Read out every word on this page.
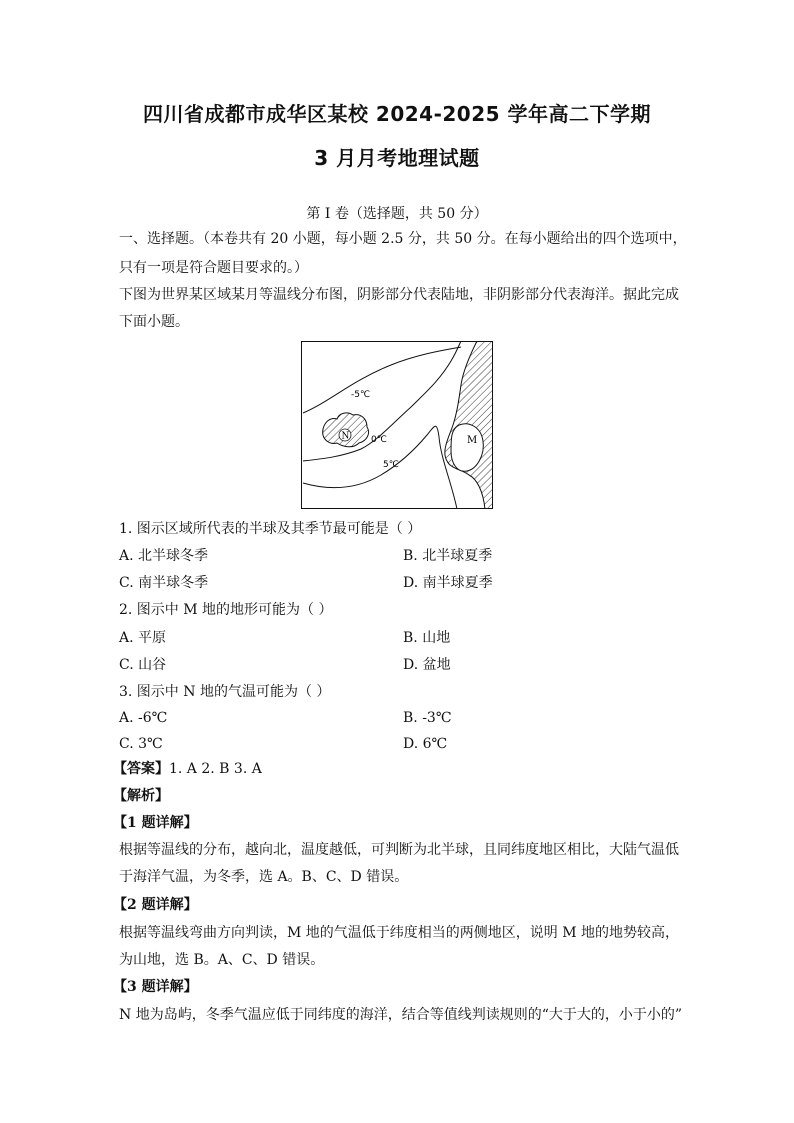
四川省成都市成华区某校 2024-2025 学年高二下学期
3 月月考地理试题
第 I 卷（选择题，共 50 分）
一、选择题。（本卷共有 20 小题，每小题 2.5 分，共 50 分。在每小题给出的四个选项中，
只有一项是符合题目要求的。）
下图为世界某区域某月等温线分布图，阴影部分代表陆地，非阴影部分代表海洋。据此完成
下面小题。
-5℃
0℃
5℃
N	M
1. 图示区域所代表的半球及其季节最可能是（ ）
A. 北半球冬季	B. 北半球夏季
C. 南半球冬季	D. 南半球夏季
2. 图示中 M 地的地形可能为（ ）
A. 平原	B. 山地
C. 山谷	D. 盆地
3. 图示中 N 地的气温可能为（ ）
A. -6℃	B. -3℃
C. 3℃	D. 6℃
【答案】1. A 2. B 3. A
【解析】
【1 题详解】
根据等温线的分布，越向北，温度越低，可判断为北半球，且同纬度地区相比，大陆气温低
于海洋气温，为冬季，选 A。B、C、D 错误。
【2 题详解】
根据等温线弯曲方向判读，M 地的气温低于纬度相当的两侧地区，说明 M 地的地势较高，
为山地，选 B。A、C、D 错误。
【3 题详解】
N 地为岛屿，冬季气温应低于同纬度的海洋，结合等值线判读规则的“大于大的，小于小的”
